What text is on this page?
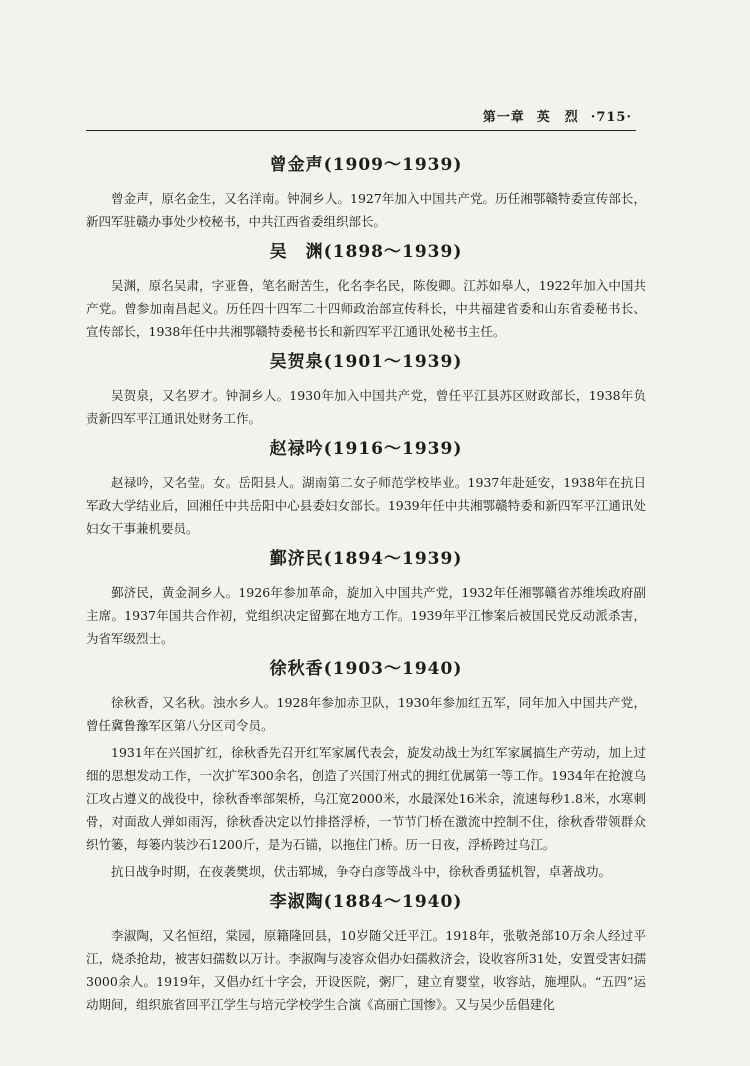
第一章 英　烈 ·715·
曾金声(1909～1939)

曾金声，原名金生，又名洋南。钟洞乡人。1927年加入中国共产党。历任湘鄂赣特委宣传部长，新四军驻赣办事处少校秘书，中共江西省委组织部长。

吴　渊(1898～1939)

吴渊，原名吴肃，字亚鲁，笔名耐苦生，化名李名民，陈俊卿。江苏如皋人，1922年加入中国共产党。曾参加南昌起义。历任四十四军二十四师政治部宣传科长，中共福建省委和山东省委秘书长、宣传部长，1938年任中共湘鄂赣特委秘书长和新四军平江通讯处秘书主任。

吴贺泉(1901～1939)

吴贺泉，又名罗才。钟洞乡人。1930年加入中国共产党，曾任平江县苏区财政部长，1938年负责新四军平江通讯处财务工作。

赵禄吟(1916～1939)

赵禄吟，又名莹。女。岳阳县人。湖南第二女子师范学校毕业。1937年赴延安，1938年在抗日军政大学结业后，回湘任中共岳阳中心县委妇女部长。1939年任中共湘鄂赣特委和新四军平江通讯处妇女干事兼机要员。

鄞济民(1894～1939)

鄞济民，黄金洞乡人。1926年参加革命，旋加入中国共产党，1932年任湘鄂赣省苏维埃政府副主席。1937年国共合作初，党组织决定留鄞在地方工作。1939年平江惨案后被国民党反动派杀害，为省军级烈士。

徐秋香(1903～1940)

徐秋香，又名秋。浊水乡人。1928年参加赤卫队，1930年参加红五军，同年加入中国共产党，曾任冀鲁豫军区第八分区司令员。

1931年在兴国扩红，徐秋香先召开红军家属代表会，旋发动战士为红军家属搞生产劳动，加上过细的思想发动工作，一次扩军300余名，创造了兴国汀州式的拥红优属第一等工作。1934年在抢渡乌江攻占遵义的战役中，徐秋香率部架桥，乌江宽2000米，水最深处16米余，流速每秒1.8米，水寒刺骨，对面敌人弹如雨泻，徐秋香决定以竹排搭浮桥，一节节门桥在激流中控制不住，徐秋香带领群众织竹篓，每篓内装沙石1200斤，是为石锚，以拖住门桥。历一日夜，浮桥跨过乌江。

抗日战争时期，在夜袭樊坝，伏击郓城，争夺白彦等战斗中，徐秋香勇猛机智，卓著战功。

李淑陶(1884～1940)

李淑陶，又名恒绍，棠园，原籍隆回县，10岁随父迁平江。1918年，张敬尧部10万余人经过平江，烧杀抢劫，被害妇孺数以万计。李淑陶与凌容众倡办妇孺救济会，设收容所31处，安置受害妇孺3000余人。1919年，又倡办红十字会，开设医院，粥厂，建立育婴堂，收容站，施埋队。“五四”运动期间，组织旅省回平江学生与培元学校学生合演《高丽亡国惨》。又与吴少岳倡建化
